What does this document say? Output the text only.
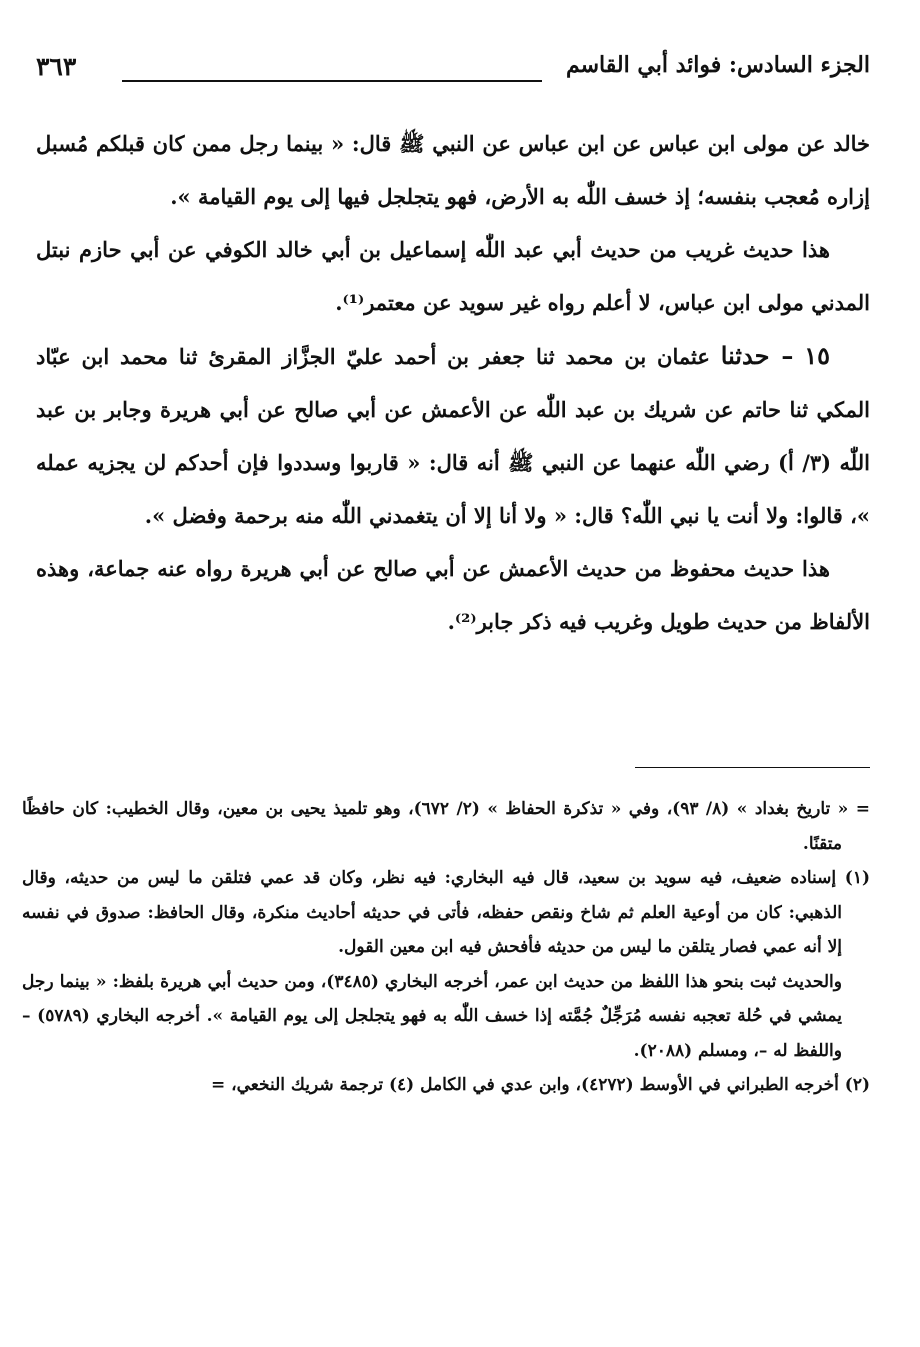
الجزء السادس: فوائد أبي القاسم
٣٦٣

خالد عن مولى ابن عباس عن ابن عباس عن النبي ﷺ قال: « بينما رجل ممن كان قبلكم مُسبل إزاره مُعجب بنفسه؛ إذ خسف اللّٰه به الأرض، فهو يتجلجل فيها إلى يوم القيامة ».

هذا حديث غريب من حديث أبي عبد اللّٰه إسماعيل بن أبي خالد الكوفي عن أبي حازم نبتل المدني مولى ابن عباس، لا أعلم رواه غير سويد عن معتمر⁽¹⁾.

١٥ – حدثنا عثمان بن محمد ثنا جعفر بن أحمد عليّ الجزَّاز المقرئ ثنا محمد ابن عبّاد المكي ثنا حاتم عن شريك بن عبد اللّٰه عن الأعمش عن أبي صالح عن أبي هريرة وجابر بن عبد اللّٰه (٣/ أ) رضي اللّٰه عنهما عن النبي ﷺ أنه قال: « قاربوا وسددوا فإن أحدكم لن يجزيه عمله »، قالوا: ولا أنت يا نبي اللّٰه؟ قال: « ولا أنا إلا أن يتغمدني اللّٰه منه برحمة وفضل ».

هذا حديث محفوظ من حديث الأعمش عن أبي صالح عن أبي هريرة رواه عنه جماعة، وهذه الألفاظ من حديث طويل وغريب فيه ذكر جابر⁽²⁾.

= « تاريخ بغداد » (٨/ ٩٣)، وفي « تذكرة الحفاظ » (٢/ ٦٧٢)، وهو تلميذ يحيى بن معين، وقال الخطيب: كان حافظًا متقنًا.

(١) إسناده ضعيف، فيه سويد بن سعيد، قال فيه البخاري: فيه نظر، وكان قد عمي فتلقن ما ليس من حديثه، وقال الذهبي: كان من أوعية العلم ثم شاخ ونقص حفظه، فأتى في حديثه أحاديث منكرة، وقال الحافظ: صدوق في نفسه إلا أنه عمي فصار يتلقن ما ليس من حديثه فأفحش فيه ابن معين القول.

والحديث ثبت بنحو هذا اللفظ من حديث ابن عمر، أخرجه البخاري (٣٤٨٥)، ومن حديث أبي هريرة بلفظ: « بينما رجل يمشي في حُلة تعجبه نفسه مُرَجِّلٌ جُمَّته إذا خسف اللّٰه به فهو يتجلجل إلى يوم القيامة ». أخرجه البخاري (٥٧٨٩) – واللفظ له –، ومسلم (٢٠٨٨).

(٢) أخرجه الطبراني في الأوسط (٤٢٧٢)، وابن عدي في الكامل (٤) ترجمة شريك النخعي، =
